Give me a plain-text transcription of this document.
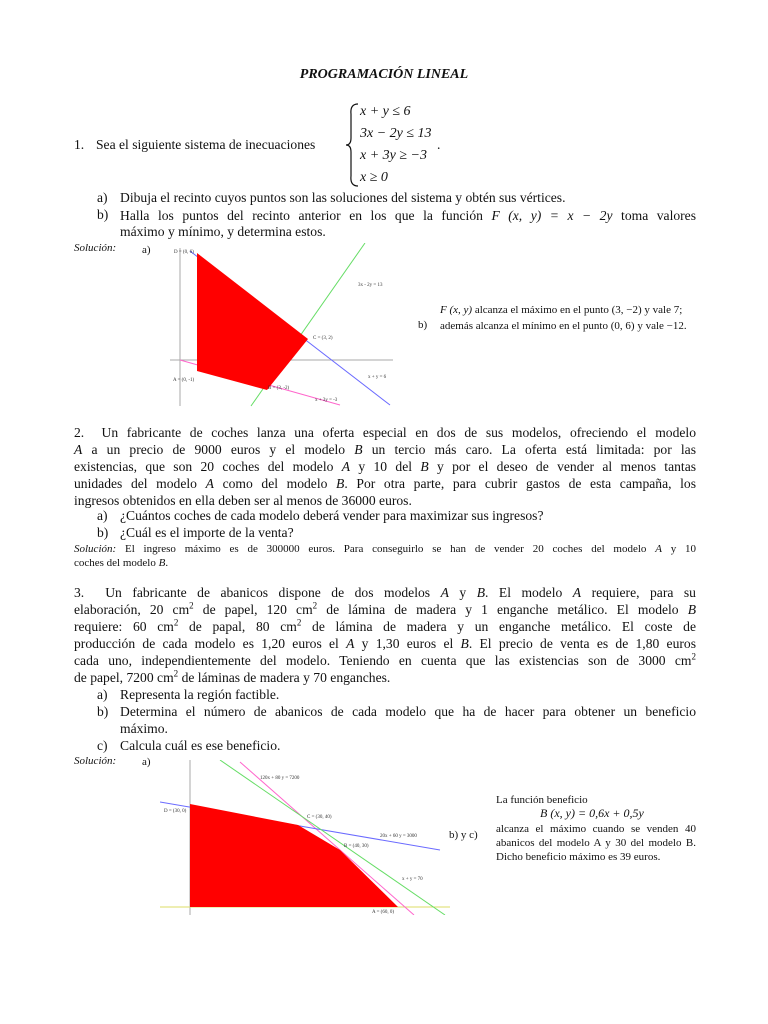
PROGRAMACIÓN LINEAL
1. Sea el siguiente sistema de inecuaciones
x + y ≤ 6
3x − 2y ≤ 13
x + 3y ≥ −3
x ≥ 0
.
a) Dibuja el recinto cuyos puntos son las soluciones del sistema y obtén sus vértices.
b) Halla los puntos del recinto anterior en los que la función F (x, y) = x − 2y toma valores
máximo y mínimo, y determina estos.
Solución: a)	D = (0, 6)
C = (3, 2)
A = (0, -1)
B = (3, -2)
3x - 2y = 13
x + y = 6
x + 3y = -3
b)
F (x, y) alcanza el máximo en el punto (3, −2) y vale 7; además alcanza el mínimo en el punto (0, 6) y vale −12.
2. Un fabricante de coches lanza una oferta especial en dos de sus modelos, ofreciendo el modelo
A a un precio de 9000 euros y el modelo B un tercio más caro. La oferta está limitada: por las
existencias, que son 20 coches del modelo A y 10 del B y por el deseo de vender al menos tantas
unidades del modelo A como del modelo B. Por otra parte, para cubrir gastos de esta campaña, los
ingresos obtenidos en ella deben ser al menos de 36000 euros.
a) ¿Cuántos coches de cada modelo deberá vender para maximizar sus ingresos?
b) ¿Cuál es el importe de la venta?
Solución: El ingreso máximo es de 300000 euros. Para conseguirlo se han de vender 20 coches del modelo A y 10
coches del modelo B.
3. Un fabricante de abanicos dispone de dos modelos A y B. El modelo A requiere, para su
elaboración, 20 $cm^2$ de papel, 120 $cm^2$ de lámina de madera y 1 enganche metálico. El modelo B
requiere: 60 $cm^2$ de papal, 80 $cm^2$ de lámina de madera y un enganche metálico. El coste de
producción de cada modelo es 1,20 euros el A y 1,30 euros el B. El precio de venta es de 1,80 euros
cada uno, independientemente del modelo. Teniendo en cuenta que las existencias son de 3000 $cm^2$
de papel, 7200 $cm^2$ de láminas de madera y 70 enganches.
a) Representa la región factible.
b) Determina el número de abanicos de cada modelo que ha de hacer para obtener un beneficio
máximo.
c) Calcula cuál es ese beneficio.
Solución: a)
D = (30, 0)
C = (30, 40)
B = (40, 30)
A = (60, 0)
120x + 80 y = 7200
20x + 60 y = 3000
x + y = 70
b) y c)
La función beneficio
B (x, y) = 0,6x + 0,5y
alcanza el máximo cuando se venden 40 abanicos del modelo A y 30 del modelo B. Dicho beneficio máximo es 39 euros.
